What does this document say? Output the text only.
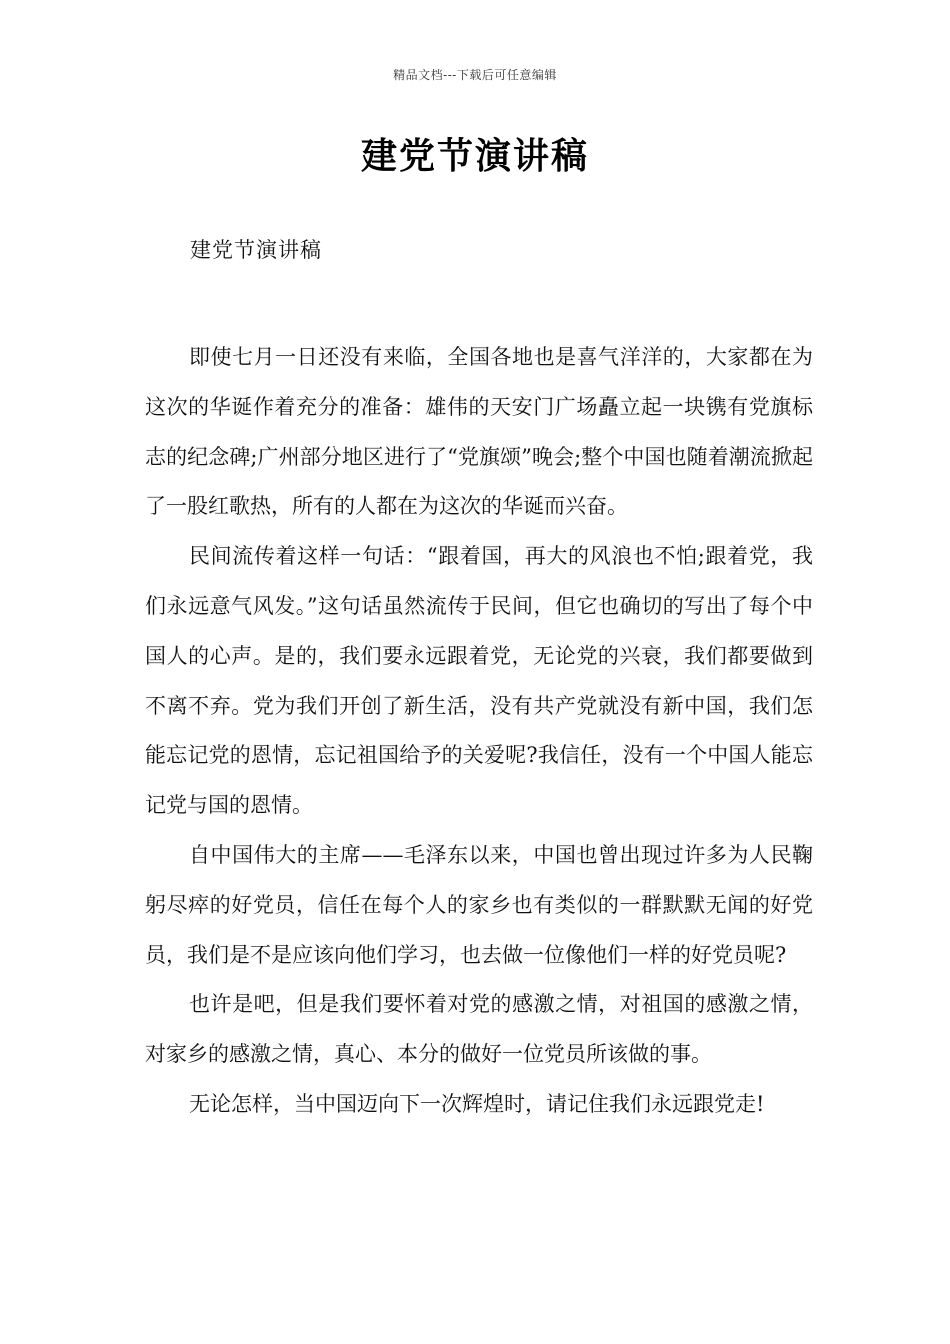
精品文档---下载后可任意编辑
建党节演讲稿

建党节演讲稿

即使七月一日还没有来临，全国各地也是喜气洋洋的，大家都在为这次的华诞作着充分的准备：雄伟的天安门广场矗立起一块镌有党旗标志的纪念碑;广州部分地区进行了“党旗颂”晚会;整个中国也随着潮流掀起了一股红歌热，所有的人都在为这次的华诞而兴奋。

民间流传着这样一句话：“跟着国，再大的风浪也不怕;跟着党，我们永远意气风发。”这句话虽然流传于民间，但它也确切的写出了每个中国人的心声。是的，我们要永远跟着党，无论党的兴衰，我们都要做到不离不弃。党为我们开创了新生活，没有共产党就没有新中国，我们怎能忘记党的恩情，忘记祖国给予的关爱呢?我信任，没有一个中国人能忘记党与国的恩情。

自中国伟大的主席——毛泽东以来，中国也曾出现过许多为人民鞠躬尽瘁的好党员，信任在每个人的家乡也有类似的一群默默无闻的好党员，我们是不是应该向他们学习，也去做一位像他们一样的好党员呢?

也许是吧，但是我们要怀着对党的感激之情，对祖国的感激之情，对家乡的感激之情，真心、本分的做好一位党员所该做的事。

无论怎样，当中国迈向下一次辉煌时，请记住我们永远跟党走!
